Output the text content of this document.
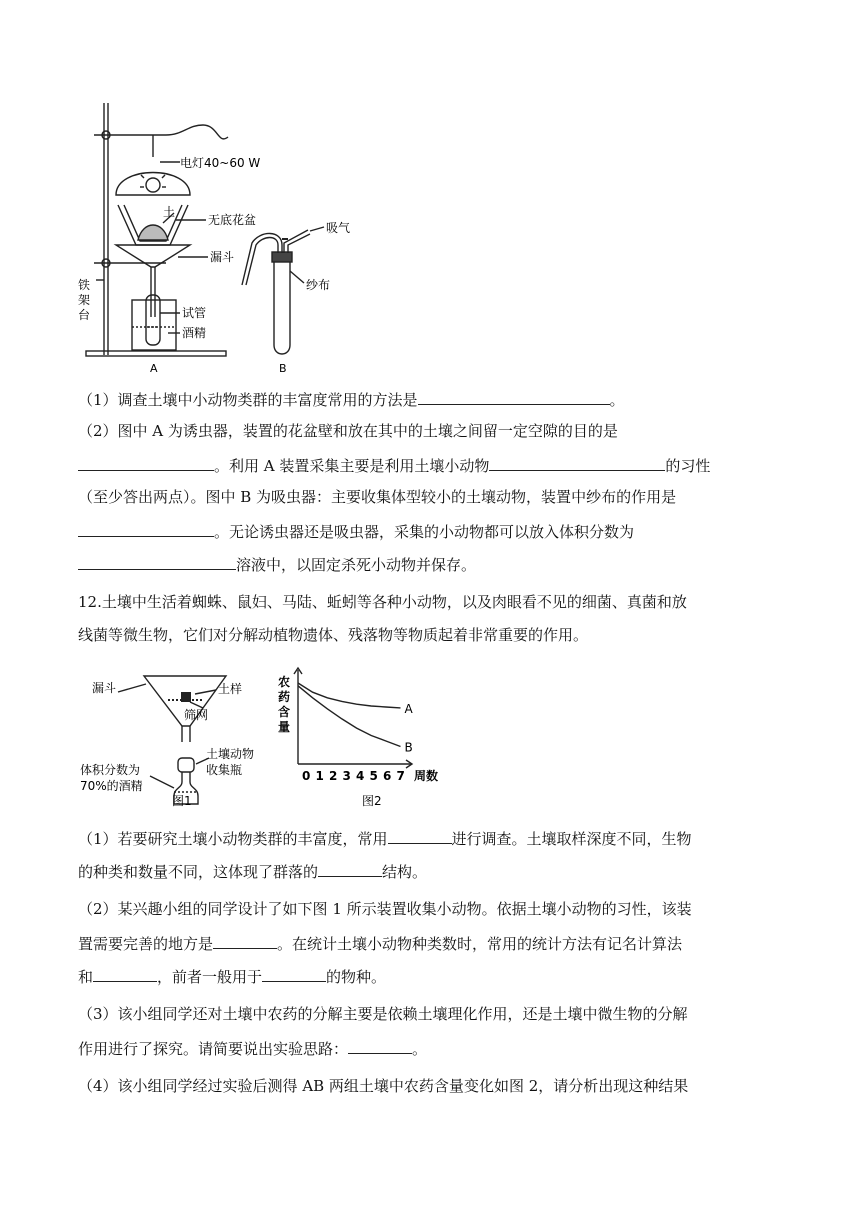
电灯40~60 W
土
无底花盆
漏斗
铁
架
台	试管
酒精
A
吸气
纱布
B
（1）调查土壤中小动物类群的丰富度常用的方法是	。
（2）图中 A 为诱虫器，装置的花盆壁和放在其中的土壤之间留一定空隙的目的是
。利用 A 装置采集主要是利用土壤小动物	的习性
（至少答出两点）。图中 B 为吸虫器：主要收集体型较小的土壤动物，装置中纱布的作用是
。无论诱虫器还是吸虫器，采集的小动物都可以放入体积分数为
溶液中，以固定杀死小动物并保存。
12.土壤中生活着蜘蛛、鼠妇、马陆、蚯蚓等各种小动物，以及肉眼看不见的细菌、真菌和放
线菌等微生物，它们对分解动植物遗体、残落物等物质起着非常重要的作用。
漏斗	土样
筛网
土壤动物
收集瓶
体积分数为
70%的酒精
图1
农 药 含 量
周数
图2
0 1 2 3 4 5 6 7
A
B
（1）若要研究土壤小动物类群的丰富度，常用	进行调查。土壤取样深度不同，生物
的种类和数量不同，这体现了群落的	结构。
（2）某兴趣小组的同学设计了如下图 1 所示装置收集小动物。依据土壤小动物的习性，该装
置需要完善的地方是	。在统计土壤小动物种类数时，常用的统计方法有记名计算法
和	，前者一般用于	的物种。
（3）该小组同学还对土壤中农药的分解主要是依赖土壤理化作用，还是土壤中微生物的分解
作用进行了探究。请简要说出实验思路：	。
（4）该小组同学经过实验后测得 AB 两组土壤中农药含量变化如图 2，请分析出现这种结果
